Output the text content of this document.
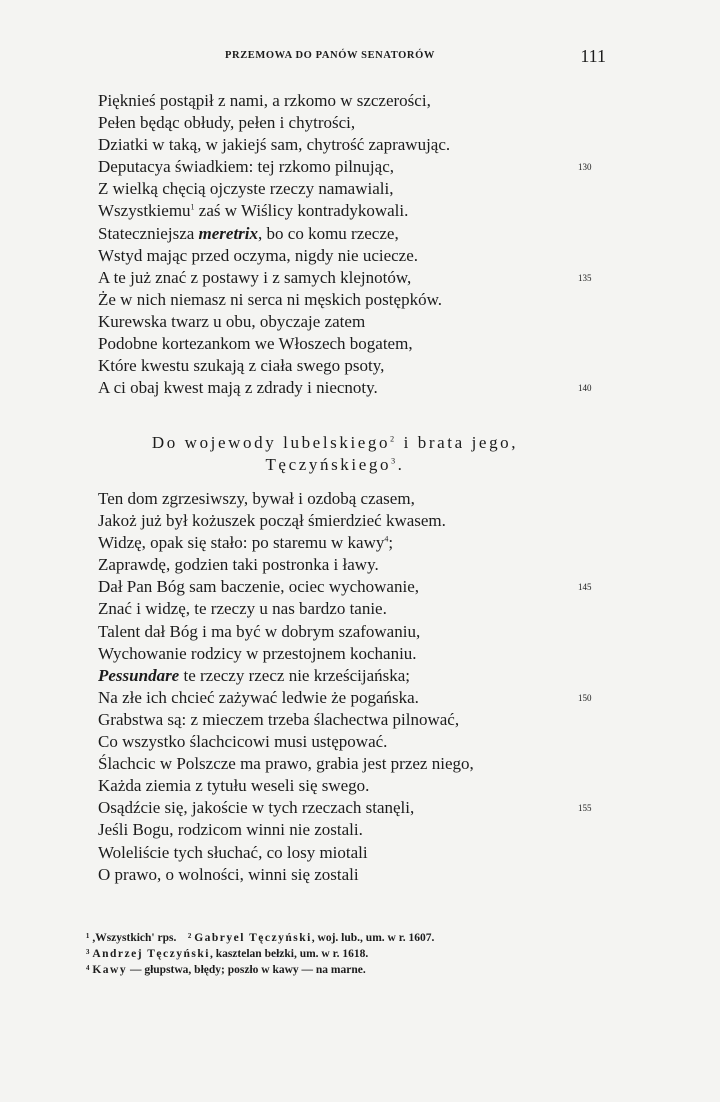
PRZEMOWA DO PANÓW SENATORÓW	111
Piękniеś postąpił z nami, a rzkomo w szczerości,
Pełen będąc obłudy, pełen i chytrości,
Dziatki w taką, w jakiejś sam, chytrość zaprawując.
Deputacya świadkiem: tej rzkomo pilnując,	130
Z wielką chęcią ojczyste rzeczy namawiali,
Wszystkiemu$^1$ zaś w Wiślicy kontradykowali.
Stateczniejsza meretrix, bo co komu rzecze,
Wstyd mając przed oczyma, nigdy nie uciecze.
A te już znać z postawy i z samych klejnotów,	135
Że w nich niemasz ni serca ni męskich postępków.
Kurewska twarz u obu, obyczaje zatem
Podobne kortezankom we Włoszech bogatem,
Które kwestu szukają z ciała swego psoty,
A ci obaj kwest mają z zdrady i niecnoty.	140
Do wojewody lubelskiego$^2$ i brata jego,
Tęczyńskiego$^3$.
Ten dom zgrzesiwszy, bywał i ozdobą czasem,
Jakoż już był kożuszek począł śmierdzieć kwasem.
Widzę, opak się stało: po staremu w kawy$^4$;
Zaprawdę, godzien taki postronka i ławy.
Dał Pan Bóg sam baczenie, ociec wychowanie,	145
Znać i widzę, te rzeczy u nas bardzo tanie.
Talent dał Bóg i ma być w dobrym szafowaniu,
Wychowanie rodzicy w przestojnem kochaniu.
Pessundare te rzeczy rzecz nie krześcijańska;
Na złe ich chcieć zażywać ledwie że pogańska.	150
Grabstwa są: z mieczem trzeba ślachectwa pilnować,
Co wszystko ślachcicowi musi ustępować.
Ślachcic w Polszcze ma prawo, grabia jest przez niego,
Każda ziemia z tytułu weseli się swego.
Osądźcie się, jakoście w tych rzeczach stanęli,	155
Jeśli Bogu, rodzicom winni nie zostali.
Woleliście tych słuchać, co losy miotali
O prawo, o wolności, winni się zostali
¹ ,Wszystkich' rps. ² Gabryel Tęczyński, woj. lub., um. w r. 1607.
³ Andrzej Tęczyński, kasztelan bełzki, um. w r. 1618.
⁴ Kawy — głupstwa, błędy; poszło w kawy — na marne.
